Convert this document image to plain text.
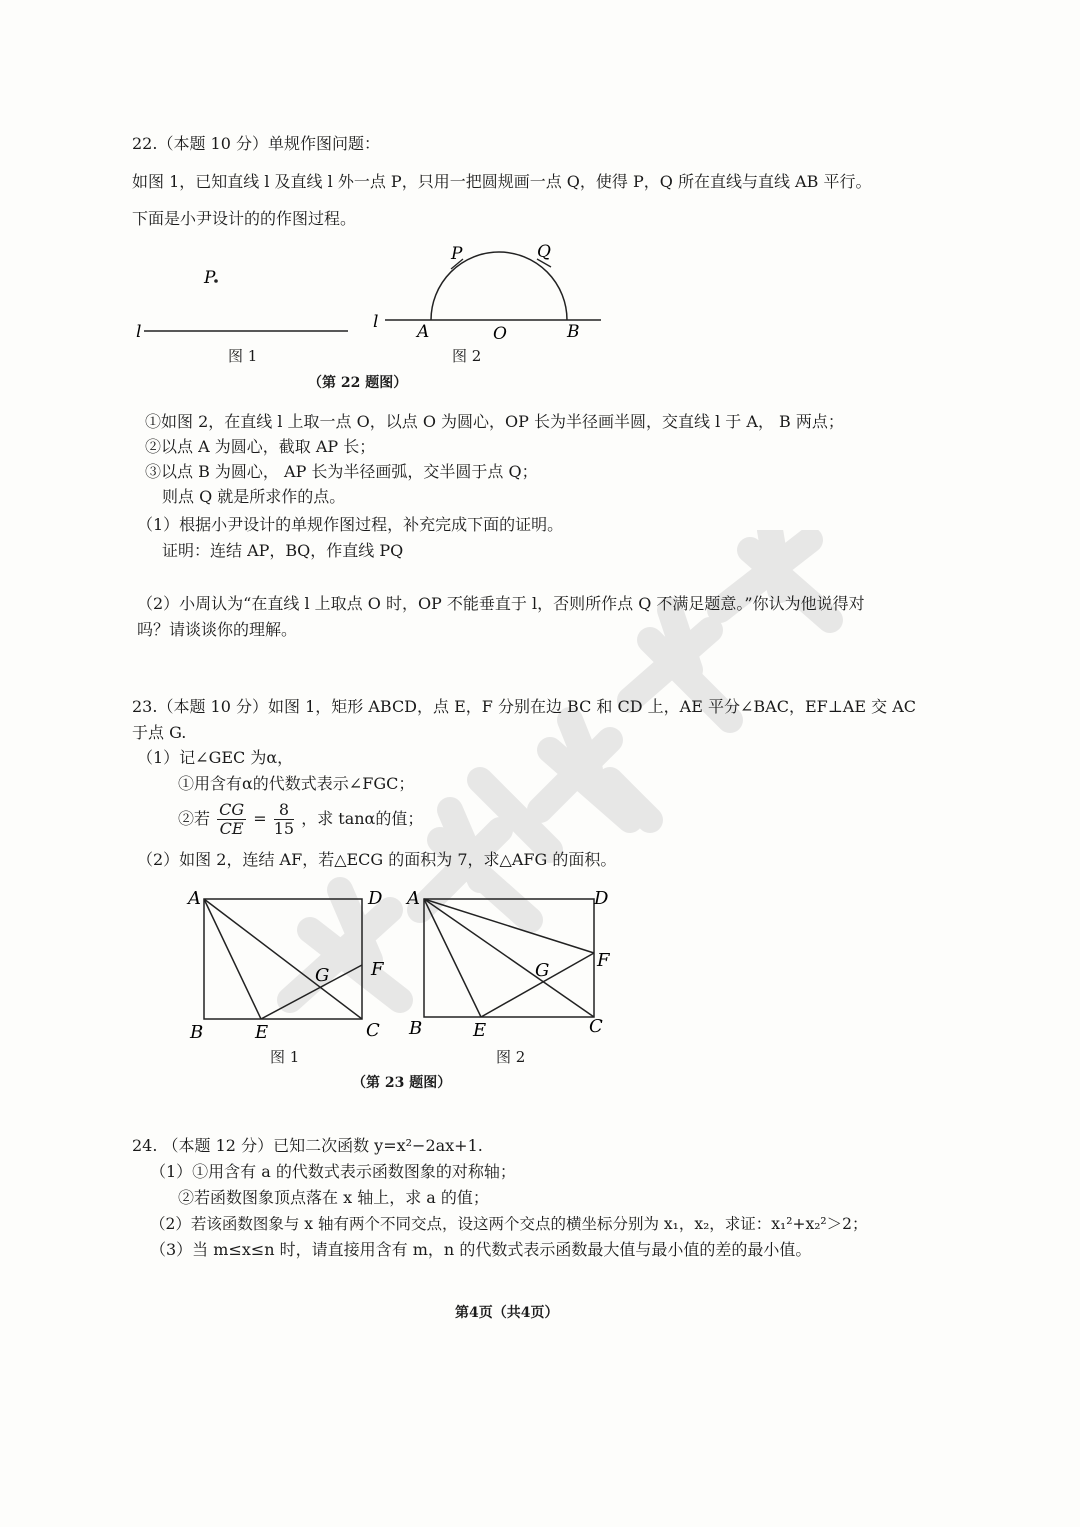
22.（本题 10 分）单规作图问题：
如图 1，已知直线 l 及直线 l 外一点 P，只用一把圆规画一点 Q，使得 P，Q 所在直线与直线 AB 平行。
下面是小尹设计的的作图过程。
P
l
图 1
P	Q
l A	O	B
图 2
（第 22 题图）
①如图 2，在直线 l 上取一点 O，以点 O 为圆心，OP 长为半径画半圆，交直线 l 于 A， B 两点；
②以点 A 为圆心，截取 AP 长；
③以点 B 为圆心， AP 长为半径画弧，交半圆于点 Q；
则点 Q 就是所求作的点。
（1）根据小尹设计的单规作图过程，补充完成下面的证明。
证明：连结 AP，BQ，作直线 PQ
（2）小周认为“在直线 l 上取点 O 时，OP 不能垂直于 l，否则所作点 Q 不满足题意。”你认为他说得对
吗？请谈谈你的理解。
23.（本题 10 分）如图 1，矩形 ABCD，点 E，F 分别在边 BC 和 CD 上，AE 平分∠BAC，EF⊥AE 交 AC
于点 G.
（1）记∠GEC 为α，
①用含有α的代数式表示∠FGC；
②若 $\frac{CG}{CE} = \frac{8}{15}$ ，求 tanα的值；
（2）如图 2，连结 AF，若△ECG 的面积为 7，求△AFG 的面积。
A	D
B	E	C
F
G
图 1
A	D
B	E	C
F
G
图 2
（第 23 题图）
24. （本题 12 分）已知二次函数 y=x²−2ax+1.
（1）①用含有 a 的代数式表示函数图象的对称轴；
②若函数图象顶点落在 x 轴上，求 a 的值；
（2）若该函数图象与 x 轴有两个不同交点，设这两个交点的横坐标分别为 x₁，x₂，求证：x₁²+x₂²＞2；
（3）当 m≤x≤n 时，请直接用含有 m，n 的代数式表示函数最大值与最小值的差的最小值。
第4页（共4页）
